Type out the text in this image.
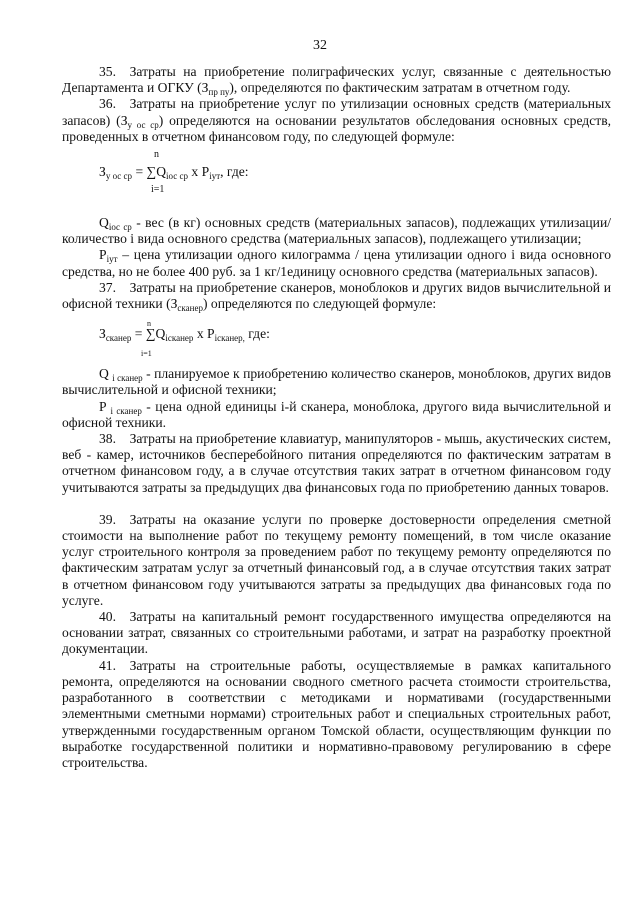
32

35. Затраты на приобретение полиграфических услуг, связанные с деятельностью Департамента и ОГКУ $(З_{пр пу})$, определяются по фактическим затратам в отчетном году.

36. Затраты на приобретение услуг по утилизации основных средств (материальных запасов) $(З_{у ос ср})$ определяются на основании результатов обследования основных средств, проведенных в отчетном финансовом году, по следующей формуле:

n
$З_{у ос ср} = \sum Q_{iос ср}$ x $P_{iут}$, где:
i=1

$Q_{iос ср}$ - вес (в кг) основных средств (материальных запасов), подлежащих утилизации/ количество i вида основного средства (материальных запасов), подлежащего утилизации;

$P_{iут}$ – цена утилизации одного килограмма / цена утилизации одного i вида основного средства, но не более 400 руб. за 1 кг/1единицу основного средства (материальных запасов).

37. Затраты на приобретение сканеров, моноблоков и других видов вычислительной и офисной техники $(З_{сканер})$ определяются по следующей формуле:

n
$З_{сканер} = \sum Q_{iсканер}$ x $P_{iсканер,}$ где:
i=1

Q $_{i сканер}$ - планируемое к приобретению количество сканеров, моноблоков, других видов вычислительной и офисной техники;

P $_{i сканер}$ - цена одной единицы i-й сканера, моноблока, другого вида вычислительной и офисной техники.

38. Затраты на приобретение клавиатур, манипуляторов - мышь, акустических систем, веб - камер, источников бесперебойного питания определяются по фактическим затратам в отчетном финансовом году, а в случае отсутствия таких затрат в отчетном финансовом году учитываются затраты за предыдущих два финансовых года по приобретению данных товаров.

39. Затраты на оказание услуги по проверке достоверности определения сметной стоимости на выполнение работ по текущему ремонту помещений, в том числе оказание услуг строительного контроля за проведением работ по текущему ремонту определяются по фактическим затратам услуг за отчетный финансовый год, а в случае отсутствия таких затрат в отчетном финансовом году учитываются затраты за предыдущих два финансовых года по услуге.

40. Затраты на капитальный ремонт государственного имущества определяются на основании затрат, связанных со строительными работами, и затрат на разработку проектной документации.

41. Затраты на строительные работы, осуществляемые в рамках капитального ремонта, определяются на основании сводного сметного расчета стоимости строительства, разработанного в соответствии с методиками и нормативами (государственными элементными сметными нормами) строительных работ и специальных строительных работ, утвержденными государственным органом Томской области, осуществляющим функции по выработке государственной политики и нормативно-правовому регулированию в сфере строительства.
